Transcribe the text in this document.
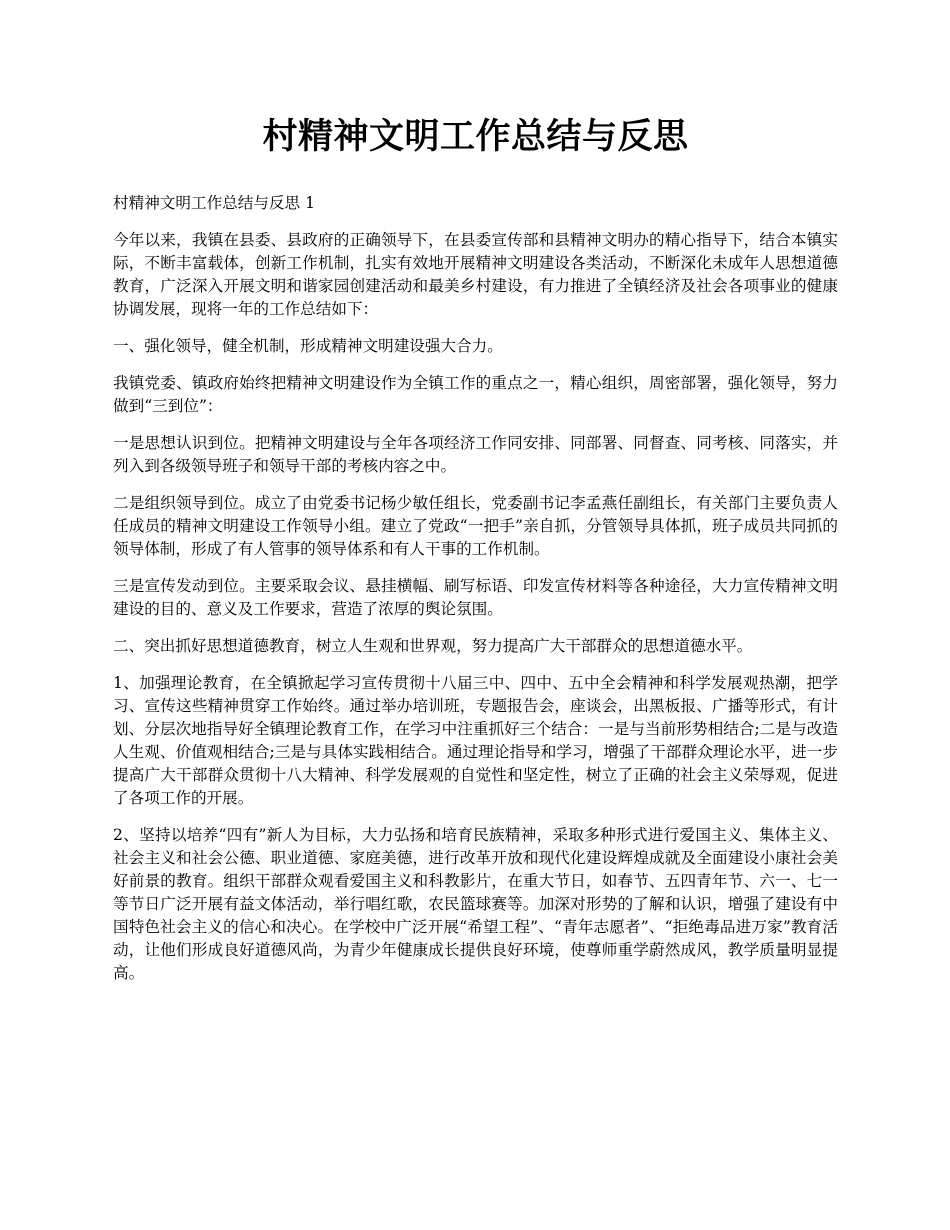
村精神文明工作总结与反思

村精神文明工作总结与反思 1

今年以来，我镇在县委、县政府的正确领导下，在县委宣传部和县精神文明办的精心指导下，结合本镇实际，不断丰富载体，创新工作机制，扎实有效地开展精神文明建设各类活动，不断深化未成年人思想道德教育，广泛深入开展文明和谐家园创建活动和最美乡村建设，有力推进了全镇经济及社会各项事业的健康协调发展，现将一年的工作总结如下：

一、强化领导，健全机制，形成精神文明建设强大合力。

我镇党委、镇政府始终把精神文明建设作为全镇工作的重点之一，精心组织，周密部署，强化领导，努力做到“三到位”：

一是思想认识到位。把精神文明建设与全年各项经济工作同安排、同部署、同督查、同考核、同落实，并列入到各级领导班子和领导干部的考核内容之中。

二是组织领导到位。成立了由党委书记杨少敏任组长，党委副书记李孟燕任副组长，有关部门主要负责人任成员的精神文明建设工作领导小组。建立了党政“一把手”亲自抓，分管领导具体抓，班子成员共同抓的领导体制，形成了有人管事的领导体系和有人干事的工作机制。

三是宣传发动到位。主要采取会议、悬挂横幅、刷写标语、印发宣传材料等各种途径，大力宣传精神文明建设的目的、意义及工作要求，营造了浓厚的舆论氛围。

二、突出抓好思想道德教育，树立人生观和世界观，努力提高广大干部群众的思想道德水平。

1、加强理论教育，在全镇掀起学习宣传贯彻十八届三中、四中、五中全会精神和科学发展观热潮，把学习、宣传这些精神贯穿工作始终。通过举办培训班，专题报告会，座谈会，出黑板报、广播等形式，有计划、分层次地指导好全镇理论教育工作，在学习中注重抓好三个结合：一是与当前形势相结合;二是与改造人生观、价值观相结合;三是与具体实践相结合。通过理论指导和学习，增强了干部群众理论水平，进一步提高广大干部群众贯彻十八大精神、科学发展观的自觉性和坚定性，树立了正确的社会主义荣辱观，促进了各项工作的开展。

2、坚持以培养“四有”新人为目标，大力弘扬和培育民族精神，采取多种形式进行爱国主义、集体主义、社会主义和社会公德、职业道德、家庭美德，进行改革开放和现代化建设辉煌成就及全面建设小康社会美好前景的教育。组织干部群众观看爱国主义和科教影片，在重大节日，如春节、五四青年节、六一、七一等节日广泛开展有益文体活动，举行唱红歌，农民篮球赛等。加深对形势的了解和认识，增强了建设有中国特色社会主义的信心和决心。在学校中广泛开展“希望工程”、“青年志愿者”、“拒绝毒品进万家”教育活动，让他们形成良好道德风尚，为青少年健康成长提供良好环境，使尊师重学蔚然成风，教学质量明显提高。
